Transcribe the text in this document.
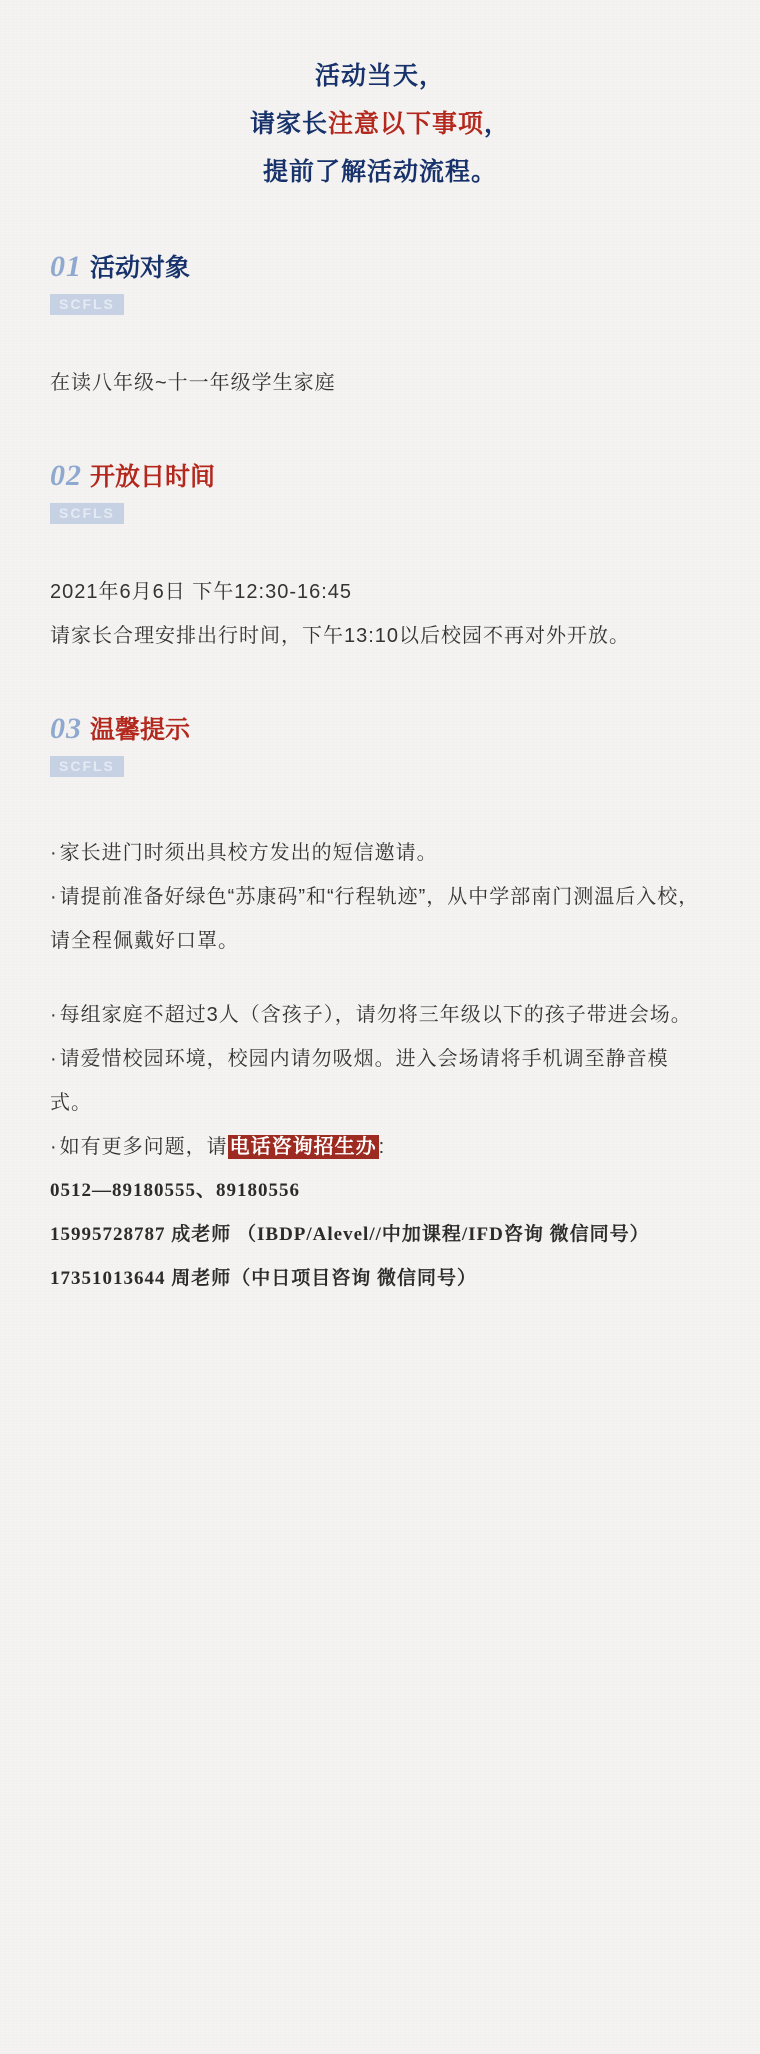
活动当天，
请家长注意以下事项，
提前了解活动流程。
01 活动对象
SCFLS

在读八年级~十一年级学生家庭

02 开放日时间
SCFLS

2021年6月6日 下午12:30-16:45

请家长合理安排出行时间，下午13:10以后校园不再对外开放。

03 温馨提示
SCFLS

· 家长进门时须出具校方发出的短信邀请。

· 请提前准备好绿色“苏康码”和“行程轨迹”，从中学部南门测温后入校，请全程佩戴好口罩。

· 每组家庭不超过3人（含孩子），请勿将三年级以下的孩子带进会场。

· 请爱惜校园环境，校园内请勿吸烟。进入会场请将手机调至静音模式。

· 如有更多问题，请 电话咨询招生办 :

0512—89180555、89180556

15995728787 成老师 （IBDP/Alevel//中加课程/IFD咨询 微信同号）

17351013644 周老师（中日项目咨询 微信同号）
